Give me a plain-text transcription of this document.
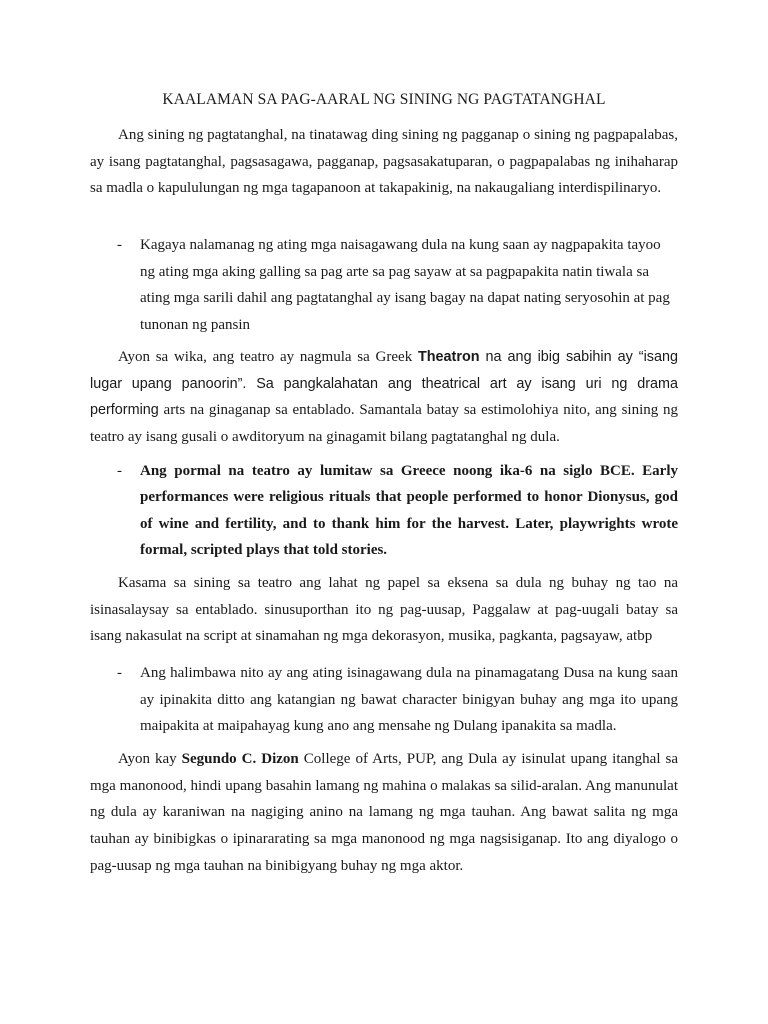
KAALAMAN SA PAG-AARAL NG SINING NG PAGTATANGHAL

Ang sining ng pagtatanghal, na tinatawag ding sining ng pagganap o sining ng pagpapalabas, ay isang pagtatanghal, pagsasagawa, pagganap, pagsasakatuparan, o pagpapalabas ng inihaharap sa madla o kapululungan ng mga tagapanoon at takapakinig, na nakaugaliang interdispilinaryo.

- Kagaya nalamanag ng ating mga naisagawang dula na kung saan ay nagpapakita tayoo ng ating mga aking galling sa pag arte sa pag sayaw at sa pagpapakita natin tiwala sa ating mga sarili dahil ang pagtatanghal ay isang bagay na dapat nating seryosohin at pag tunonan ng pansin

Ayon sa wika, ang teatro ay nagmula sa Greek Theatron na ang ibig sabihin ay “isang lugar upang panoorin”. Sa pangkalahatan ang theatrical art ay isang uri ng drama performing arts na ginaganap sa entablado. Samantala batay sa estimolohiya nito, ang sining ng teatro ay isang gusali o awditoryum na ginagamit bilang pagtatanghal ng dula.

- Ang pormal na teatro ay lumitaw sa Greece noong ika-6 na siglo BCE. Early performances were religious rituals that people performed to honor Dionysus, god of wine and fertility, and to thank him for the harvest. Later, playwrights wrote formal, scripted plays that told stories.

Kasama sa sining sa teatro ang lahat ng papel sa eksena sa dula ng buhay ng tao na isinasalaysay sa entablado. sinusuporthan ito ng pag-uusap, Paggalaw at pag-uugali batay sa isang nakasulat na script at sinamahan ng mga dekorasyon, musika, pagkanta, pagsayaw, atbp

- Ang halimbawa nito ay ang ating isinagawang dula na pinamagatang Dusa na kung saan ay ipinakita ditto ang katangian ng bawat character binigyan buhay ang mga ito upang maipakita at maipahayag kung ano ang mensahe ng Dulang ipanakita sa madla.

Ayon kay Segundo C. Dizon College of Arts, PUP, ang Dula ay isinulat upang itanghal sa mga manonood, hindi upang basahin lamang ng mahina o malakas sa silid-aralan. Ang manunulat ng dula ay karaniwan na nagiging anino na lamang ng mga tauhan. Ang bawat salita ng mga tauhan ay binibigkas o ipinararating sa mga manonood ng mga nagsisiganap. Ito ang diyalogo o pag-uusap ng mga tauhan na binibigyang buhay ng mga aktor.
